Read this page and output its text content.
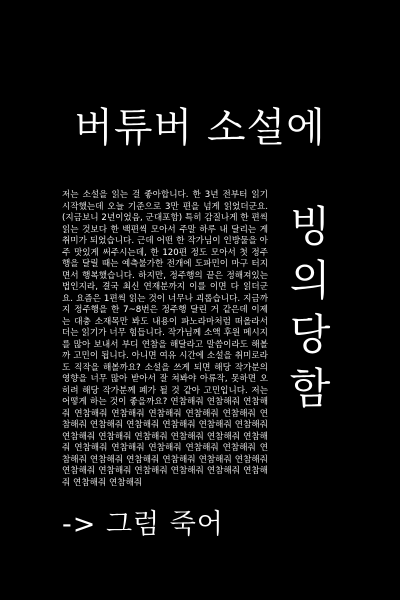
버튜버 소설에
저는 소설을 읽는 걸 좋아합니다. 한 3년 전부터 읽기 시작했는데 오늘 기준으로 3만 편을 넘게 읽었더군요. (지금보니 2년이었음, 군대포함) 특히 감질나게 한 편씩 읽는 것보다 한 백편씩 모아서 주말 하루 내 달리는 게 취미가 되었습니다. 근데 어떤 한 작가님이 인방물을 아주 맛있게 써주시는데, 한 120편 정도 모아서 첫 정주행을 달릴 때는 예측불가한 전개에 도파민이 마구 터지면서 행복했습니다. 하지만, 정주행의 끝은 정해져있는 법인지라, 결국 최신 연재분까지 이를 이면 다 읽더군요. 요즘은 1편씩 읽는 것이 너무나 괴롭습니다. 지금까지 정주행을 한 7~8번은 정주행 달린 거 같은데 이제는 대충 소재목만 봐도 내용이 파노라마처럼 떠올라서 더는 읽기가 너무 힘듭니다. 작가님께 소액 후원 메시지를 많아 보내서 부디 연참을 해달라고 말씀이라도 해볼까 고민이 됩니다. 아니면 여유 시간에 소설을 취미로라도 직작을 해볼까요? 소설을 쓰게 되면 해당 작가분의 영향을 너무 많아 받아서 잘 쳐봐야 아류작, 못하면 오히려 해당 작가분께 폐가 될 것 같아 고민입니다. 저는 어떻게 하는 것이 좋을까요? 연참해줘 연참해줘 연참해줘 연참해줘 연참해줘 연참해줘 연참해줘 연참해줘 연참해줘 연참해줘 연참해줘 연참해줘 연참해줘 연참해줘 연참해줘 연참해줘 연참해줘 연참해줘 연참해줘 연참해줘 연참해줘 연참해줘 연참해줘 연참해줘 연참해줘 연참해줘 연참해줘 연참해줘 연참해줘 연참해줘 연참해줘 연참해줘 연참해줘 연참해줘 연참해줘 연참해줘 연참해줘 연참해줘 연참해줘
빙
의
당
함
-> 그럼 죽어
